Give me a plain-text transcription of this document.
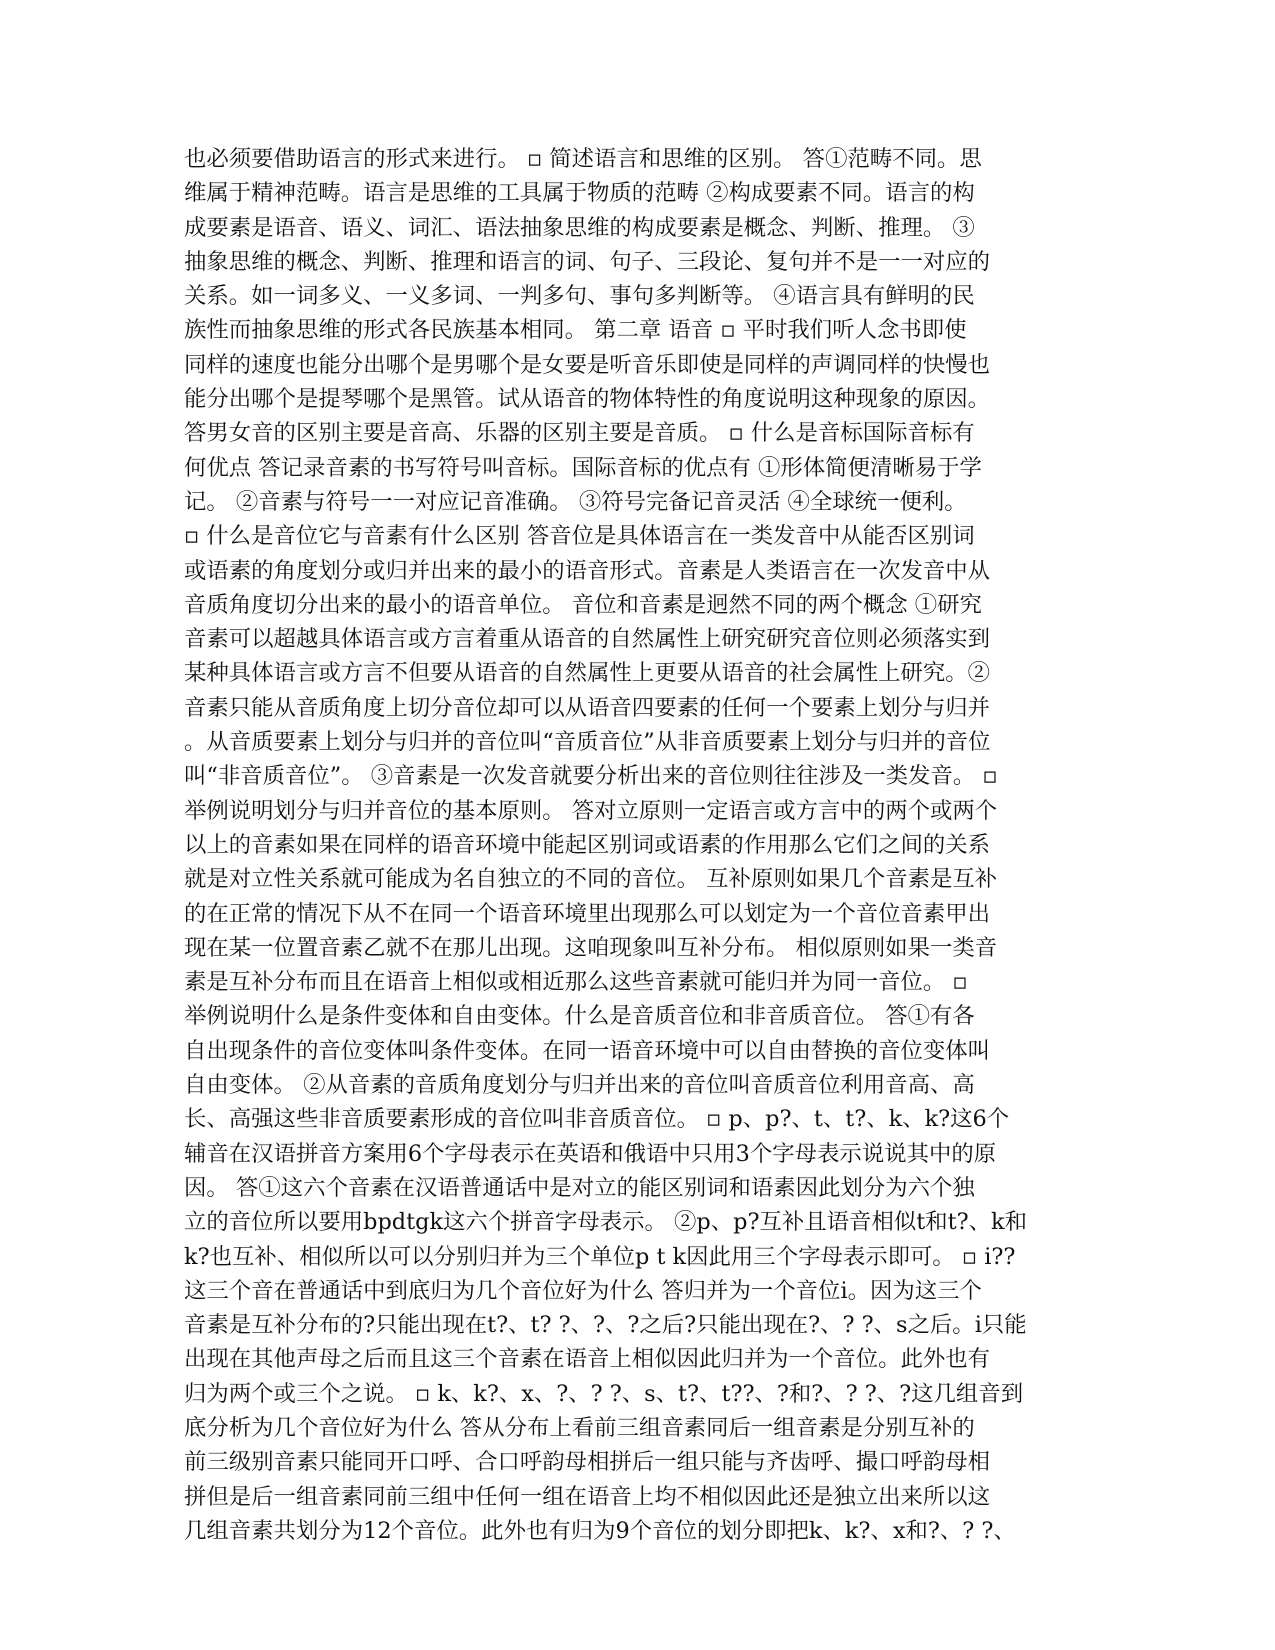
也必须要借助语言的形式来进行。 ▫ 简述语言和思维的区别。 答①范畴不同。思
维属于精神范畴。语言是思维的工具属于物质的范畴 ②构成要素不同。语言的构
成要素是语音、语义、词汇、语法抽象思维的构成要素是概念、判断、推理。 ③
抽象思维的概念、判断、推理和语言的词、句子、三段论、复句并不是一一对应的
关系。如一词多义、一义多词、一判多句、事句多判断等。 ④语言具有鲜明的民
族性而抽象思维的形式各民族基本相同。 第二章 语音 ▫ 平时我们听人念书即使
同样的速度也能分出哪个是男哪个是女要是听音乐即使是同样的声调同样的快慢也
能分出哪个是提琴哪个是黑管。试从语音的物体特性的角度说明这种现象的原因。
答男女音的区别主要是音高、乐器的区别主要是音质。 ▫ 什么是音标国际音标有
何优点 答记录音素的书写符号叫音标。国际音标的优点有 ①形体简便清晰易于学
记。 ②音素与符号一一对应记音准确。 ③符号完备记音灵活 ④全球统一便利。
▫ 什么是音位它与音素有什么区别 答音位是具体语言在一类发音中从能否区别词
或语素的角度划分或归并出来的最小的语音形式。音素是人类语言在一次发音中从
音质角度切分出来的最小的语音单位。 音位和音素是迥然不同的两个概念 ①研究
音素可以超越具体语言或方言着重从语音的自然属性上研究研究音位则必须落实到
某种具体语言或方言不但要从语音的自然属性上更要从语音的社会属性上研究。②
音素只能从音质角度上切分音位却可以从语音四要素的任何一个要素上划分与归并
。从音质要素上划分与归并的音位叫“音质音位”从非音质要素上划分与归并的音位
叫“非音质音位”。 ③音素是一次发音就要分析出来的音位则往往涉及一类发音。 ▫
举例说明划分与归并音位的基本原则。 答对立原则一定语言或方言中的两个或两个
以上的音素如果在同样的语音环境中能起区别词或语素的作用那么它们之间的关系
就是对立性关系就可能成为名自独立的不同的音位。 互补原则如果几个音素是互补
的在正常的情况下从不在同一个语音环境里出现那么可以划定为一个音位音素甲出
现在某一位置音素乙就不在那儿出现。这咱现象叫互补分布。 相似原则如果一类音
素是互补分布而且在语音上相似或相近那么这些音素就可能归并为同一音位。 ▫
举例说明什么是条件变体和自由变体。什么是音质音位和非音质音位。 答①有各
自出现条件的音位变体叫条件变体。在同一语音环境中可以自由替换的音位变体叫
自由变体。 ②从音素的音质角度划分与归并出来的音位叫音质音位利用音高、高
长、高强这些非音质要素形成的音位叫非音质音位。 ▫ p、p?、t、t?、k、k?这6个
辅音在汉语拼音方案用6个字母表示在英语和俄语中只用3个字母表示说说其中的原
因。 答①这六个音素在汉语普通话中是对立的能区别词和语素因此划分为六个独
立的音位所以要用bpdtgk这六个拼音字母表示。 ②p、p?互补且语音相似t和t?、k和
k?也互补、相似所以可以分别归并为三个单位p t k因此用三个字母表示即可。 ▫ i??
这三个音在普通话中到底归为几个音位好为什么 答归并为一个音位i。因为这三个
音素是互补分布的?只能出现在t?、t? ?、?、?之后?只能出现在?、? ?、s之后。i只能
出现在其他声母之后而且这三个音素在语音上相似因此归并为一个音位。此外也有
归为两个或三个之说。 ▫ k、k?、x、?、? ?、s、t?、t??、?和?、? ?、?这几组音到
底分析为几个音位好为什么 答从分布上看前三组音素同后一组音素是分别互补的
前三级别音素只能同开口呼、合口呼韵母相拼后一组只能与齐齿呼、撮口呼韵母相
拼但是后一组音素同前三组中任何一组在语音上均不相似因此还是独立出来所以这
几组音素共划分为12个音位。此外也有归为9个音位的划分即把k、k?、x和?、? ?、
